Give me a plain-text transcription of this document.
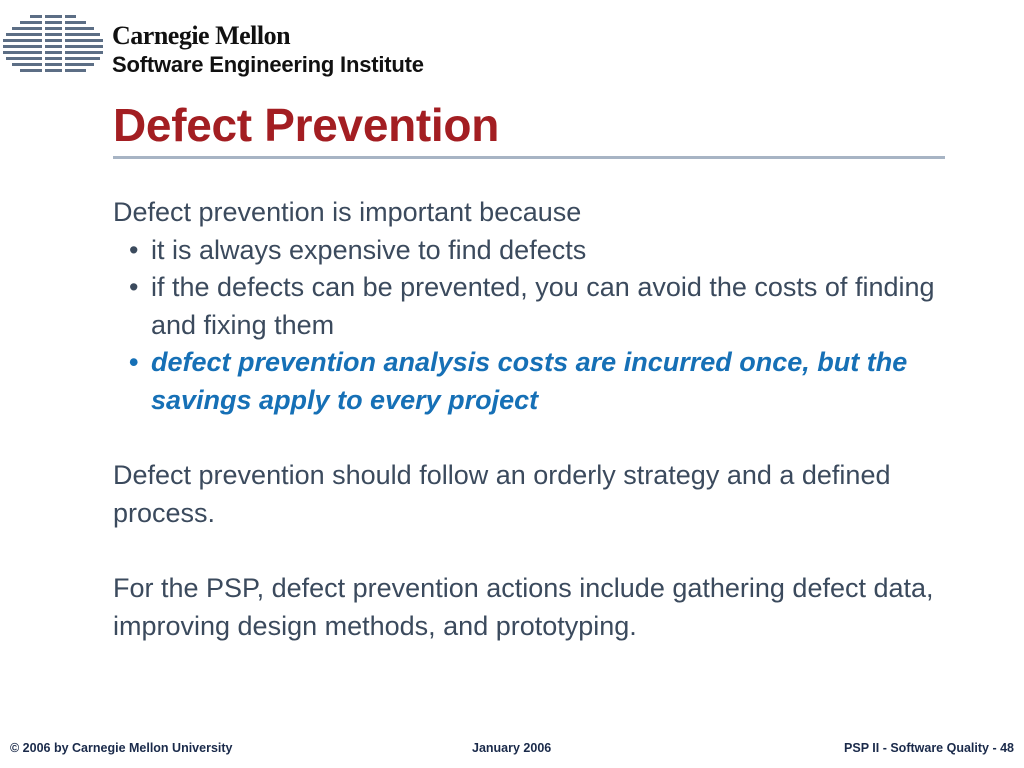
Carnegie Mellon
Software Engineering Institute
Defect Prevention

Defect prevention is important because

• it is always expensive to find defects
• if the defects can be prevented, you can avoid the costs of finding and fixing them
• defect prevention analysis costs are incurred once, but the savings apply to every project

Defect prevention should follow an orderly strategy and a defined process.

For the PSP, defect prevention actions include gathering defect data, improving design methods, and prototyping.

© 2006 by Carnegie Mellon University	January 2006	PSP II - Software Quality - 48
